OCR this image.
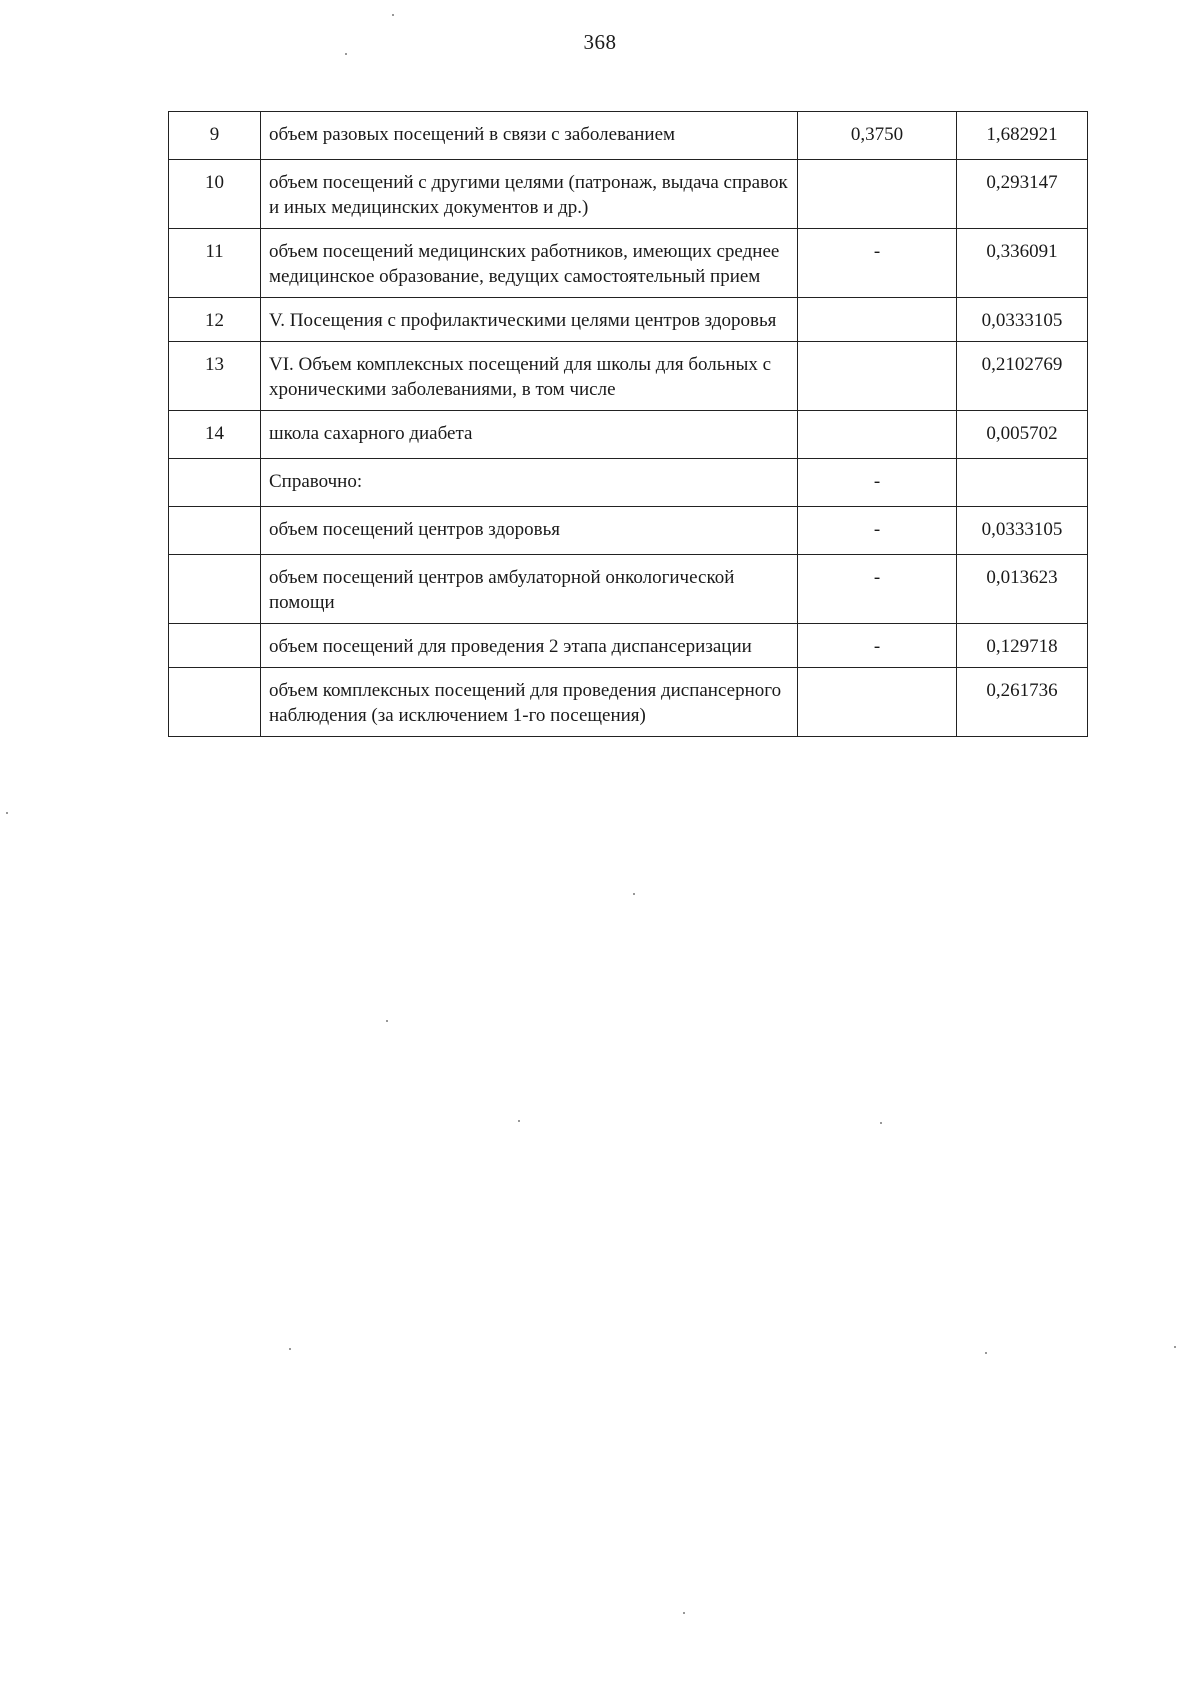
368
9	объем разовых посещений в связи с заболеванием	0,3750	1,682921
10	объем посещений с другими целями (патронаж, выдача справок и иных медицинских документов и др.)		0,293147
11	объем посещений медицинских работников, имеющих среднее медицинское образование, ведущих самостоятельный прием	-	0,336091
12	V. Посещения с профилактическими целями центров здоровья		0,0333105
13	VI. Объем комплексных посещений для школы для больных с хроническими заболеваниями, в том числе		0,2102769
14	школа сахарного диабета		0,005702
	Справочно:	-	
	объем посещений центров здоровья	-	0,0333105
	объем посещений центров амбулаторной онкологической помощи	-	0,013623
	объем посещений для проведения 2 этапа диспансеризации	-	0,129718
	объем комплексных посещений для проведения диспансерного наблюдения (за исключением 1-го посещения)		0,261736
